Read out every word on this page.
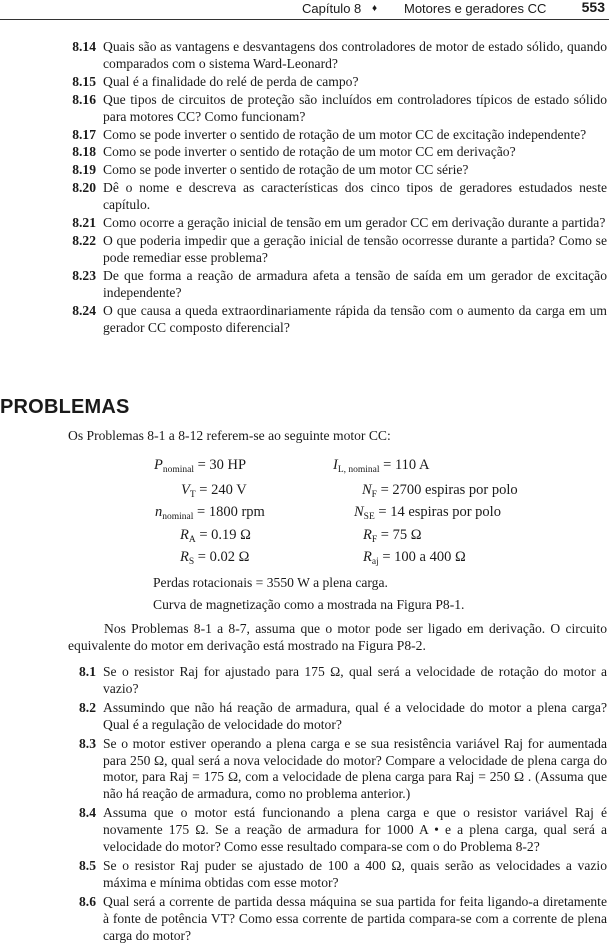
Capítulo 8 ♦ Motores e geradores CC	553
8.14 Quais são as vantagens e desvantagens dos controladores de motor de estado sólido, quando comparados com o sistema Ward-Leonard?
8.15 Qual é a finalidade do relé de perda de campo?
8.16 Que tipos de circuitos de proteção são incluídos em controladores típicos de estado sólido para motores CC? Como funcionam?
8.17 Como se pode inverter o sentido de rotação de um motor CC de excitação independente?
8.18 Como se pode inverter o sentido de rotação de um motor CC em derivação?
8.19 Como se pode inverter o sentido de rotação de um motor CC série?
8.20 Dê o nome e descreva as características dos cinco tipos de geradores estudados neste capítulo.
8.21 Como ocorre a geração inicial de tensão em um gerador CC em derivação durante a partida?
8.22 O que poderia impedir que a geração inicial de tensão ocorresse durante a partida? Como se pode remediar esse problema?
8.23 De que forma a reação de armadura afeta a tensão de saída em um gerador de excitação independente?
8.24 O que causa a queda extraordinariamente rápida da tensão com o aumento da carga em um gerador CC composto diferencial?
PROBLEMAS
Os Problemas 8-1 a 8-12 referem-se ao seguinte motor CC:
$P_{nominal} = 30$ HP	$I_{L, nominal} = 110$ A
$V_T = 240$ V	$N_F = 2700$ espiras por polo
$n_{nominal} = 1800$ rpm	$N_{SE} = 14$ espiras por polo
$R_A = 0.19$ Ω	$R_F = 75$ Ω
$R_S = 0.02$ Ω	$R_{aj} = 100$ a 400 Ω
Perdas rotacionais = 3550 W a plena carga.
Curva de magnetização como a mostrada na Figura P8-1.
Nos Problemas 8-1 a 8-7, assuma que o motor pode ser ligado em derivação. O circuito equivalente do motor em derivação está mostrado na Figura P8-2.
8.1 Se o resistor Raj for ajustado para 175 Ω, qual será a velocidade de rotação do motor a vazio?
8.2 Assumindo que não há reação de armadura, qual é a velocidade do motor a plena carga? Qual é a regulação de velocidade do motor?
8.3 Se o motor estiver operando a plena carga e se sua resistência variável Raj for aumentada para 250 Ω, qual será a nova velocidade do motor? Compare a velocidade de plena carga do motor, para Raj = 175 Ω, com a velocidade de plena carga para Raj = 250 Ω . (Assuma que não há reação de armadura, como no problema anterior.)
8.4 Assuma que o motor está funcionando a plena carga e que o resistor variável Raj é novamente 175 Ω. Se a reação de armadura for 1000 A • e a plena carga, qual será a velocidade do motor? Como esse resultado compara-se com o do Problema 8-2?
8.5 Se o resistor Raj puder se ajustado de 100 a 400 Ω, quais serão as velocidades a vazio máxima e mínima obtidas com esse motor?
8.6 Qual será a corrente de partida dessa máquina se sua partida for feita ligando-a diretamente à fonte de potência VT? Como essa corrente de partida compara-se com a corrente de plena carga do motor?
